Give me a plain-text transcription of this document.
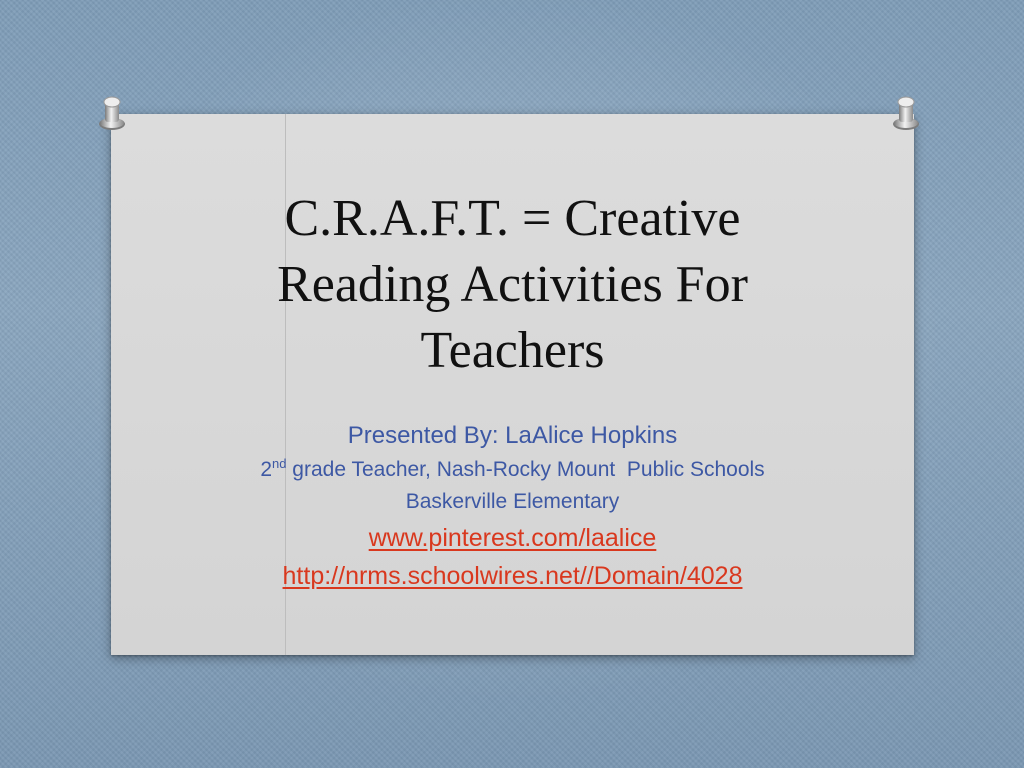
C.R.A.F.T. = Creative
Reading Activities For
Teachers

Presented By: LaAlice Hopkins

2nd grade Teacher, Nash-Rocky Mount  Public Schools

Baskerville Elementary

www.pinterest.com/laalice

http://nrms.schoolwires.net//Domain/4028
